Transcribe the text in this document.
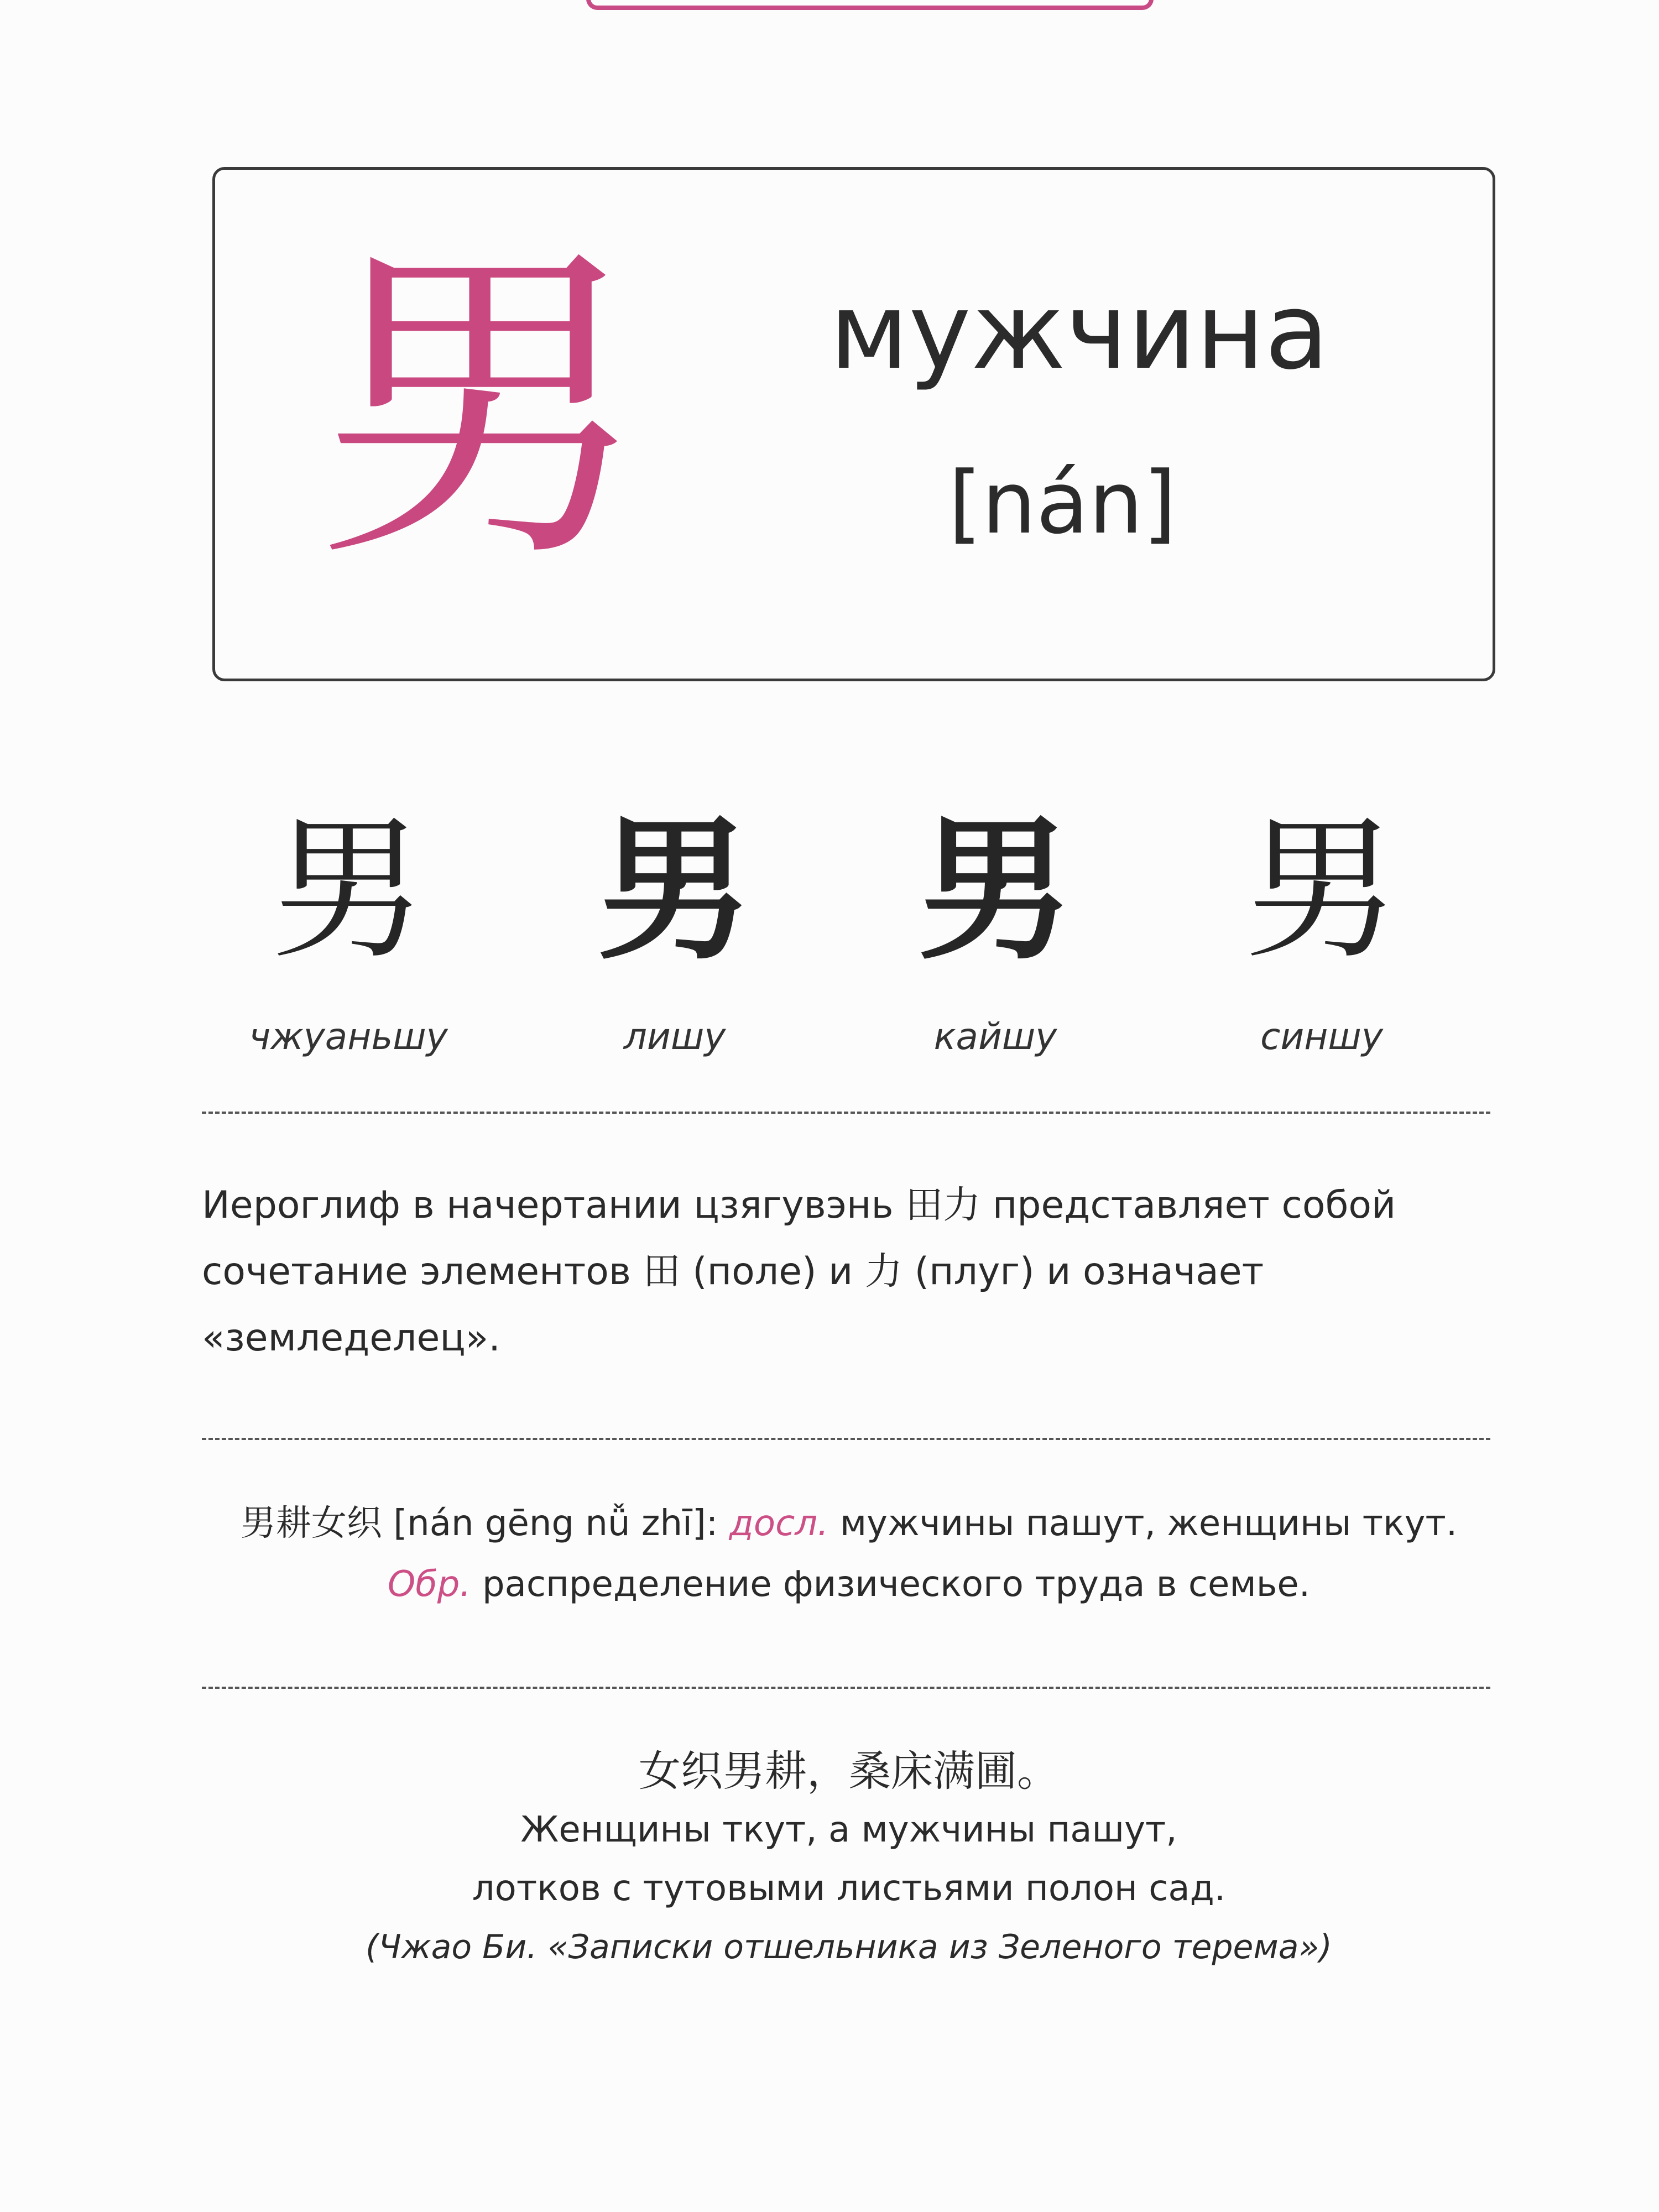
男 мужчина
[nán]
男
чжуаньшу
男
лишу
男
кайшу
男
синшу
Иероглиф в начертании цзягувэнь 田力 представляет собой сочетание элементов 田 (поле) и 力 (плуг) и означает «земледелец».
男耕女织 [nán gēng nǚ zhī]: досл. мужчины пашут, женщины ткут.
Обр. распределение физического труда в семье.
女织男耕，桑床满圃。
Женщины ткут, а мужчины пашут,
лотков с тутовыми листьями полон сад.
(Чжао Би. «Записки отшельника из Зеленого терема»)
